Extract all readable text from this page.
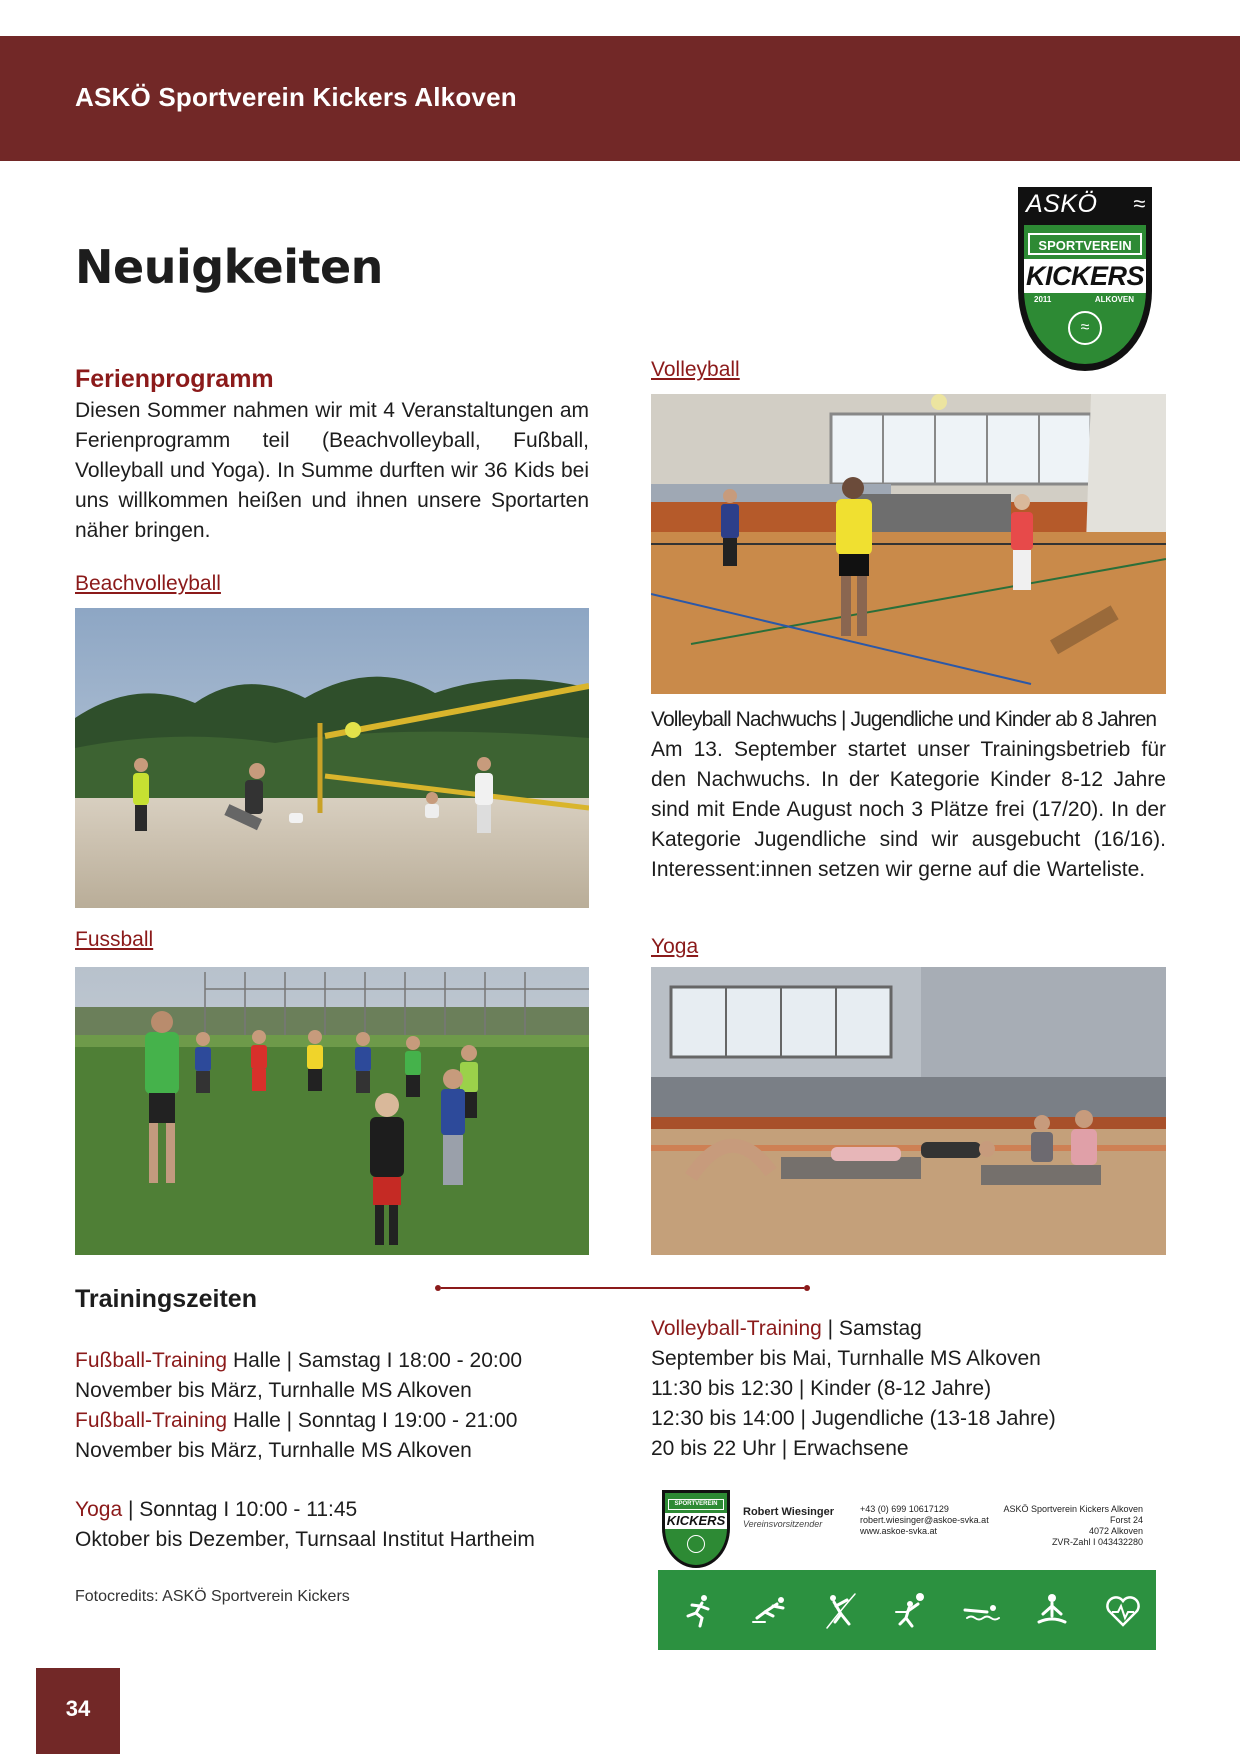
ASKÖ Sportverein Kickers Alkoven
Neuigkeiten
ASKÖ ≈
SPORTVEREIN
KICKERS
2011	ALKOVEN
≈
Ferienprogramm
Diesen Sommer nahmen wir mit 4 Veranstaltungen am Ferienprogramm teil (Beachvolleyball, Fußball, Volleyball und Yoga). In Summe durften wir 36 Kids bei uns willkommen heißen und ihnen unsere Sportarten näher bringen.
Beachvolleyball
Fussball
Volleyball
Volleyball Nachwuchs | Jugendliche und Kinder ab 8 Jahren
Am 13. September startet unser Trainingsbetrieb für den Nachwuchs. In der Kategorie Kinder 8-12 Jahre sind mit Ende August noch 3 Plätze frei (17/20). In der Kategorie Jugendliche sind wir ausgebucht (16/16). Interessent:innen setzen wir gerne auf die Warteliste.
Yoga
Trainingszeiten
Fußball-Training Halle | Samstag I 18:00 - 20:00
November bis März, Turnhalle MS Alkoven
Fußball-Training Halle | Sonntag I 19:00 - 21:00
November bis März, Turnhalle MS Alkoven
Yoga | Sonntag I 10:00 - 11:45
Oktober bis Dezember, Turnsaal Institut Hartheim
Volleyball-Training | Samstag
September bis Mai, Turnhalle MS Alkoven
11:30 bis 12:30 | Kinder (8-12 Jahre)
12:30 bis 14:00 | Jugendliche (13-18 Jahre)
20 bis 22 Uhr | Erwachsene
Fotocredits: ASKÖ Sportverein Kickers
SPORTVEREIN
KICKERS
Robert Wiesinger
Vereinsvorsitzender
+43 (0) 699 10617129
robert.wiesinger@askoe-svka.at
www.askoe-svka.at
ASKÖ Sportverein Kickers Alkoven
Forst 24
4072 Alkoven
ZVR-Zahl I 043432280
34
